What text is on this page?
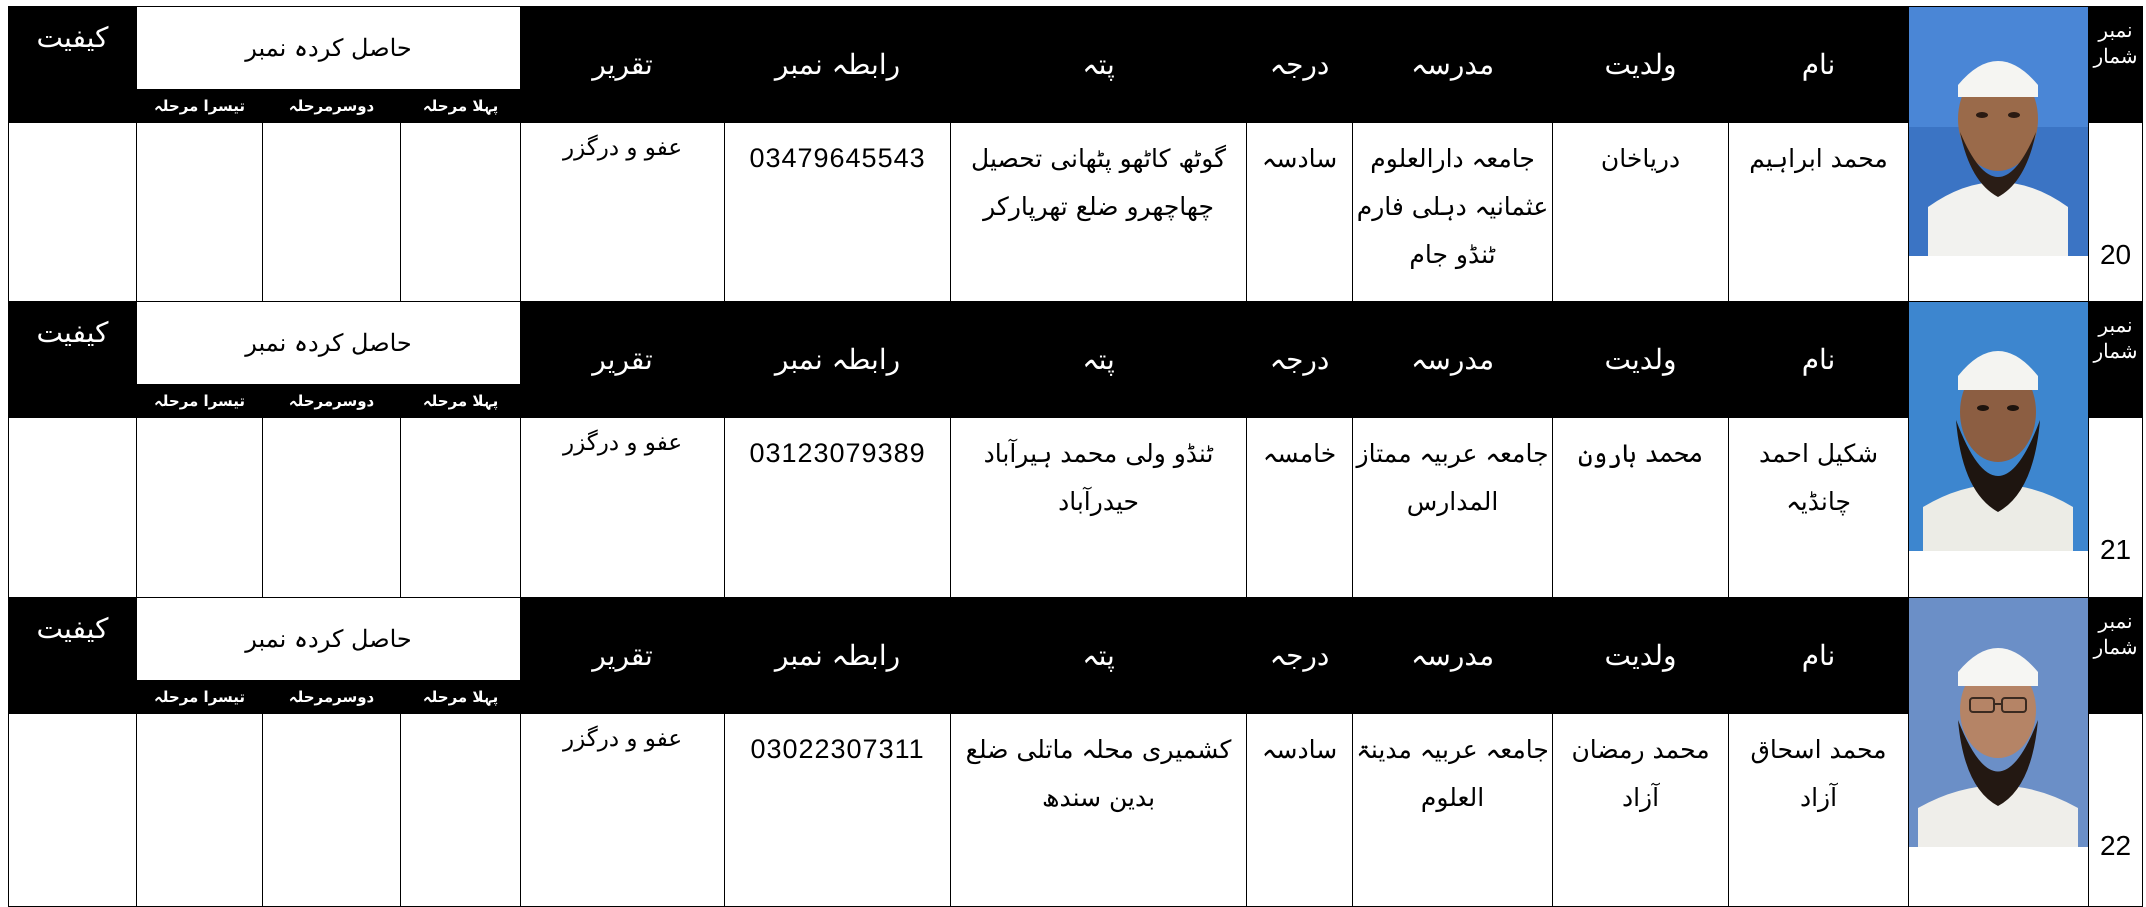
نمبر شمار		نام	ولدیت	مدرسہ	درجہ	پتہ	رابطہ نمبر	تقریر	حاصل کردہ نمبر			کیفیت
									پہلا مرحلہ	دوسرمرحلہ	تیسرا مرحلہ	
20		محمد ابراہیم	دریاخان	جامعہ دارالعلوم عثمانیہ دہلی فارم ٹنڈو جام	سادسہ	گوٹھ کاٹھو پٹھانی تحصیل چھاچھرو ضلع تھرپارکر	03479645543	عفو و درگزر				
نمبر شمار		نام	ولدیت	مدرسہ	درجہ	پتہ	رابطہ نمبر	تقریر	حاصل کردہ نمبر			کیفیت
									پہلا مرحلہ	دوسرمرحلہ	تیسرا مرحلہ	
21		شکیل احمد چانڈیہ	محمد ہارون	جامعہ عربیہ ممتاز المدارس	خامسہ	ٹنڈو ولی محمد ہیرآباد حیدرآباد	03123079389	عفو و درگزر				
نمبر شمار		نام	ولدیت	مدرسہ	درجہ	پتہ	رابطہ نمبر	تقریر	حاصل کردہ نمبر			کیفیت
									پہلا مرحلہ	دوسرمرحلہ	تیسرا مرحلہ	
22		محمد اسحاق آزاد	محمد رمضان آزاد	جامعہ عربیہ مدینۃ العلوم	سادسہ	کشمیری محلہ ماتلی ضلع بدین سندھ	03022307311	عفو و درگزر				
